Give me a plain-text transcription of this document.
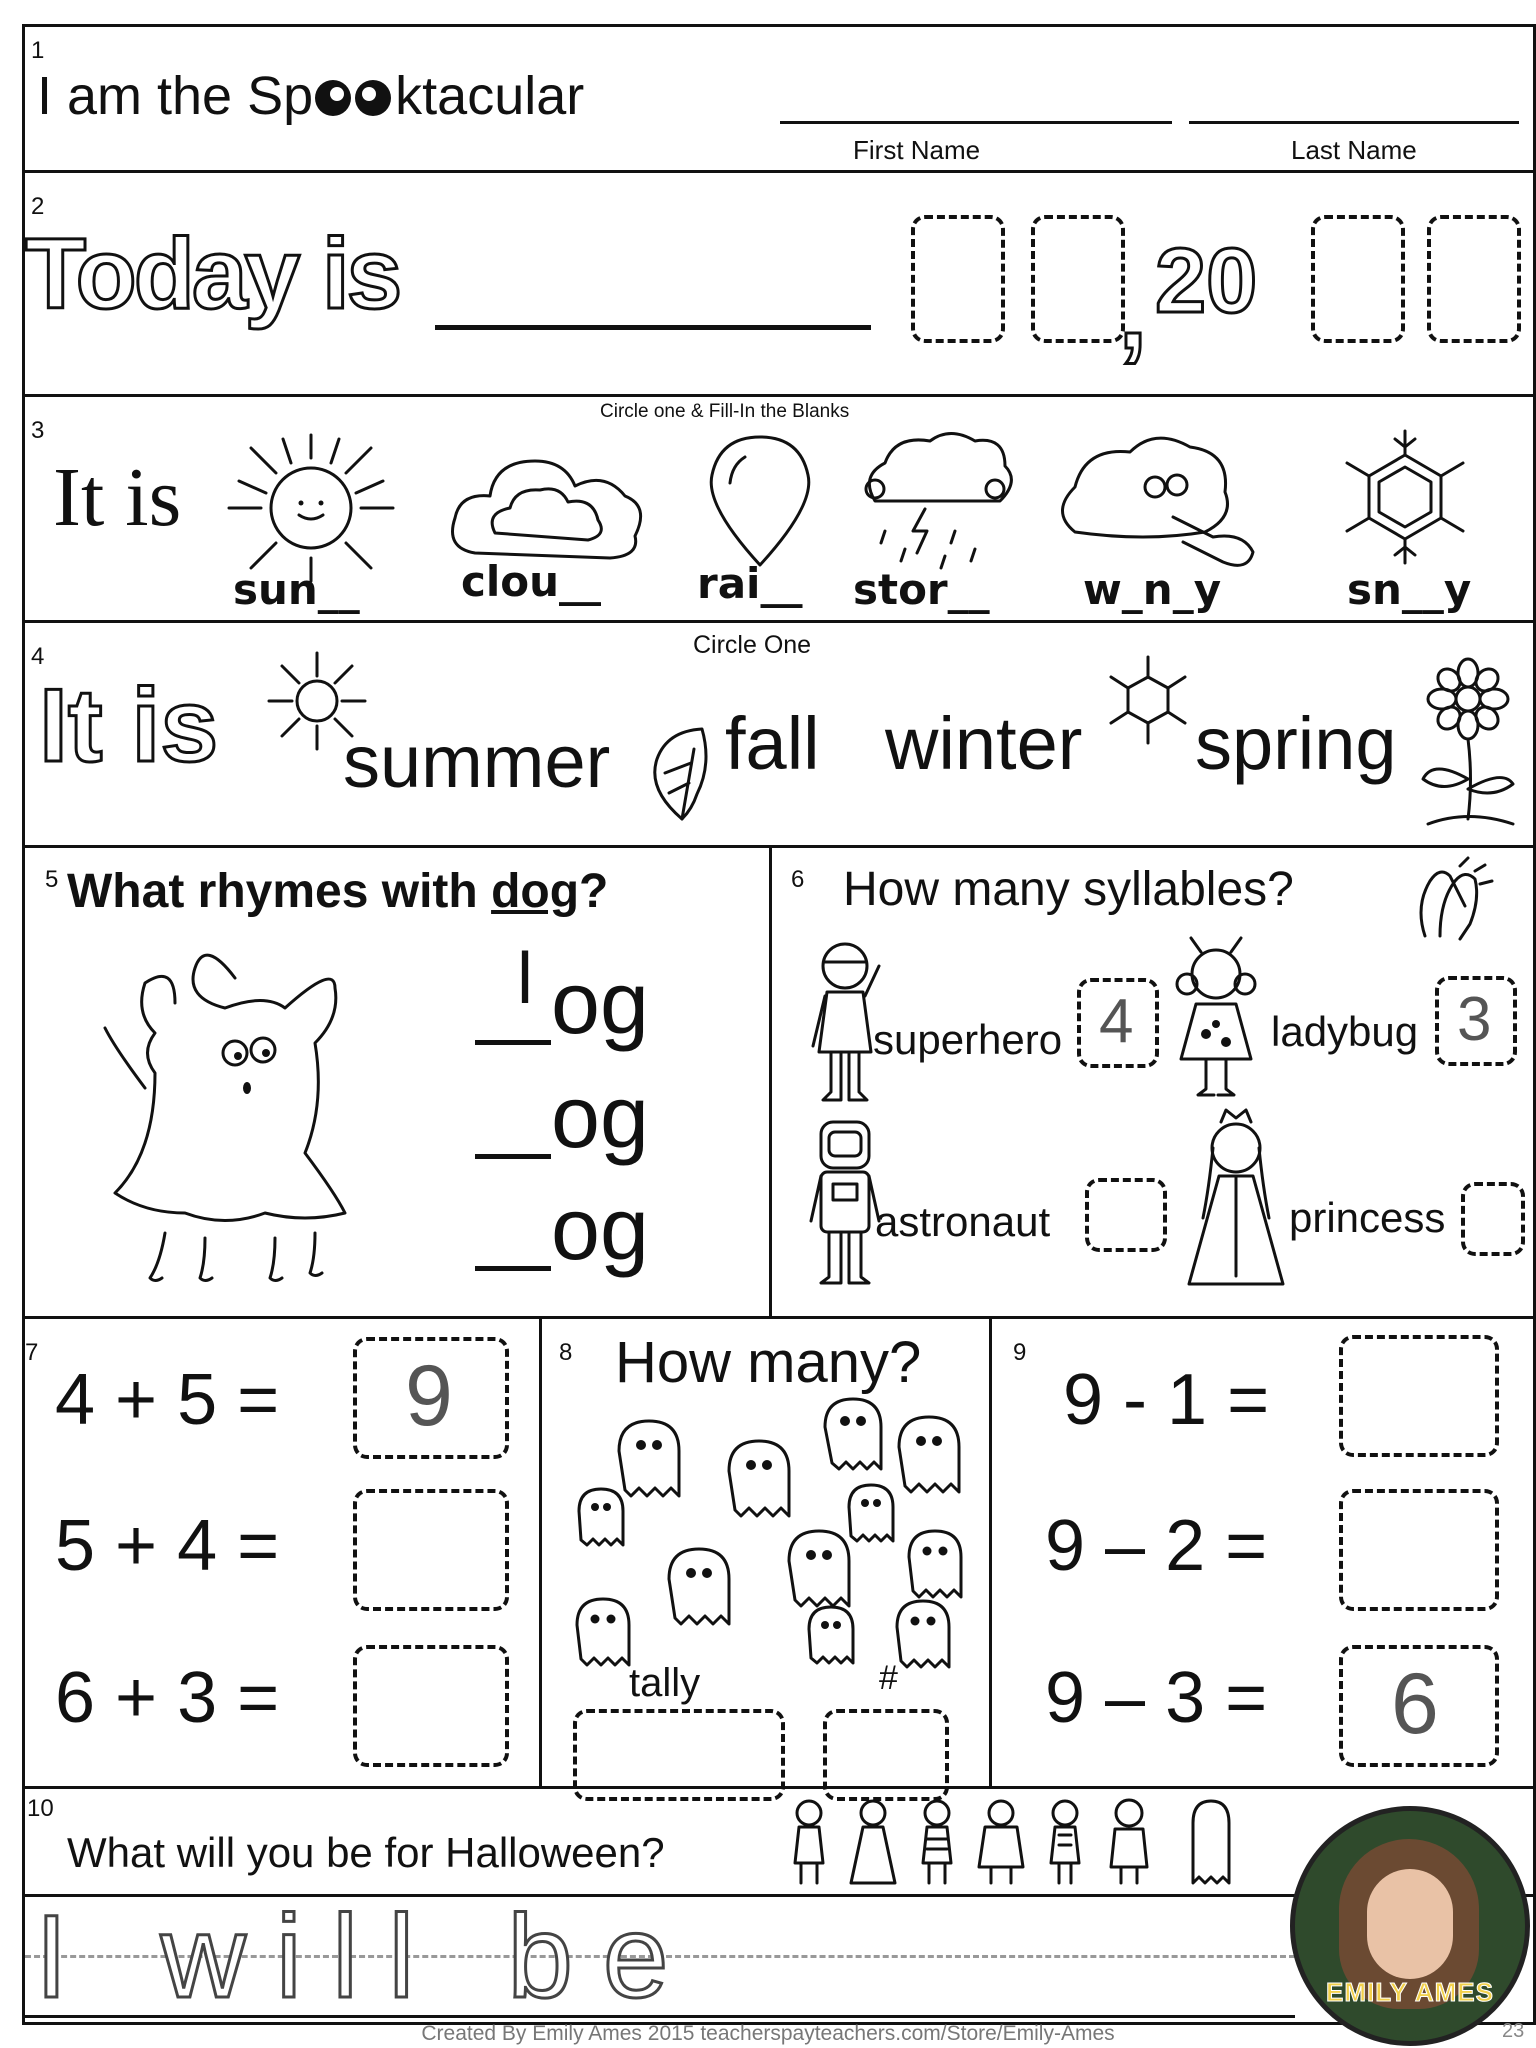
1
I am the Sp ktacular
First Name	Last Name
2
Today is	, 20
3
Circle one & Fill-In the Blanks
It is
sun__ clou__ rai__ stor__ w_n_y	sn__y
4	Circle One
It is summer fall winter spring
5 What rhymes with dog?
l og
og
og
6 How many syllables?
superhero 4	ladybug 3
astronaut	princess
7
4 + 5 = 9
5 + 4 =
6 + 3 =
8 How many?
tally	#
9
9 - 1 =
9 – 2 =
9 – 3 = 6
10
What will you be for Halloween?
I will be	EMILY AMES
23
Created By Emily Ames 2015 teacherspayteachers.com/Store/Emily-Ames
